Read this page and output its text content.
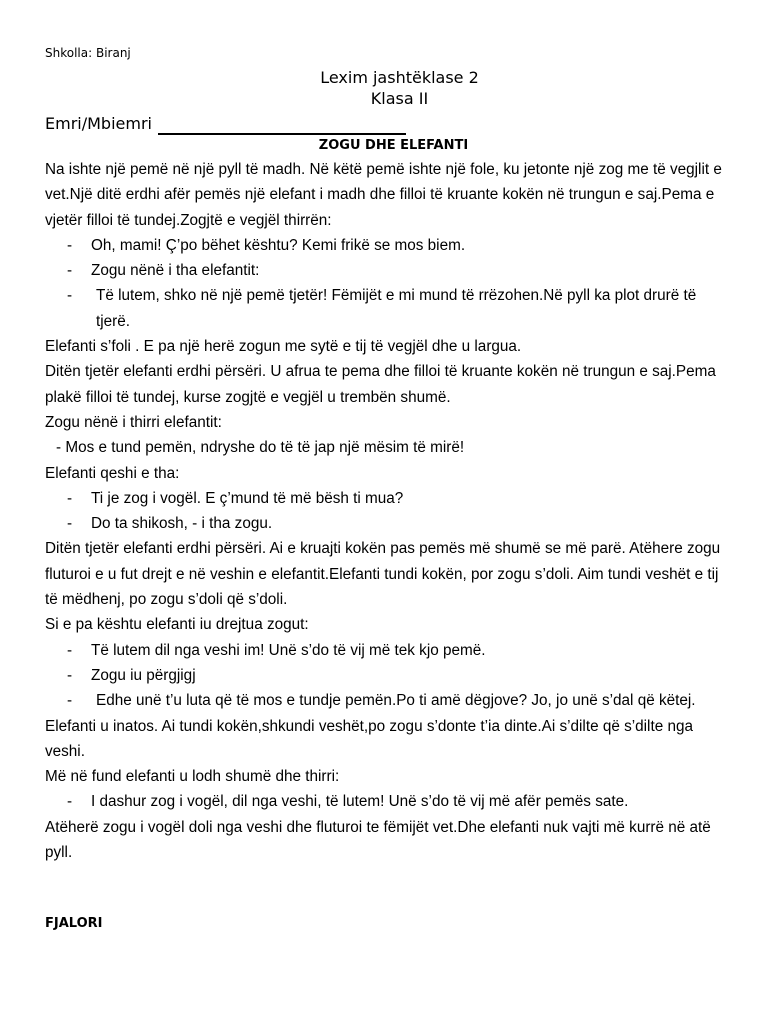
Shkolla: Biranj

Lexim jashtëklase 2

Klasa II

Emri/Mbiemri

ZOGU DHE ELEFANTI

Na ishte një pemë në një pyll të madh. Në këtë pemë ishte një fole, ku jetonte një zog me të vegjlit e vet.Një ditë erdhi afër pemës një elefant i madh dhe filloi të kruante kokën në trungun e saj.Pema e vjetër filloi të tundej.Zogjtë e vegjël thirrën:

-	Oh, mami! Ç’po bëhet kështu? Kemi frikë se mos biem.
-	Zogu nënë i tha elefantit:
-	Të lutem, shko në një pemë tjetër! Fëmijët e mi mund të rrëzohen.Në pyll ka plot drurë të tjerë.

Elefanti s’foli . E pa një herë zogun me sytë e tij të vegjël dhe u largua.

Ditën tjetër elefanti erdhi përsëri. U afrua te pema dhe filloi të kruante kokën në trungun e saj.Pema plakë filloi të tundej, kurse zogjtë e vegjël u trembën shumë.

Zogu nënë i thirri elefantit:

- Mos e tund pemën, ndryshe do të të jap një mësim të mirë!

Elefanti qeshi e tha:

-	Ti je zog i vogël. E ç’mund të më bësh ti mua?
-	Do ta shikosh, - i tha zogu.

Ditën tjetër elefanti erdhi përsëri. Ai e kruajti kokën pas pemës më shumë se më parë. Atëhere zogu fluturoi e u fut drejt e në veshin e elefantit.Elefanti tundi kokën, por zogu s’doli. Aim tundi veshët e tij të mëdhenj, po zogu s’doli që s’doli.

Si e pa kështu elefanti iu drejtua zogut:

-	Të lutem dil nga veshi im! Unë s’do të vij më tek kjo pemë.
-	Zogu iu përgjigj
-	Edhe unë t’u luta që të mos e tundje pemën.Po ti amë dëgjove? Jo, jo unë s’dal që këtej.

Elefanti u inatos. Ai tundi kokën,shkundi veshët,po zogu s’donte t’ia dinte.Ai s’dilte që s’dilte nga veshi.

Më në fund elefanti u lodh shumë dhe thirri:

-	I dashur zog i vogël, dil nga veshi, të lutem! Unë s’do të vij më afër pemës sate.

Atëherë zogu i vogël doli nga veshi dhe fluturoi te fëmijët vet.Dhe elefanti nuk vajti më kurrë në atë pyll.

FJALORI
